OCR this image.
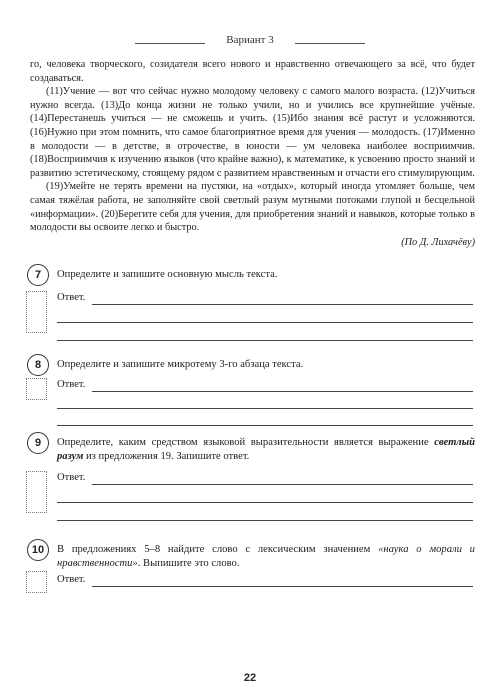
Вариант 3

го, человека творческого, созидателя всего нового и нравственно отвечающего за всё, что будет создаваться.

(11)Учение — вот что сейчас нужно молодому человеку с самого малого возраста. (12)Учиться нужно всегда. (13)До конца жизни не только учили, но и учились все крупнейшие учёные. (14)Перестанешь учиться — не сможешь и учить. (15)Ибо знания всё растут и усложняются. (16)Нужно при этом помнить, что самое благоприятное время для учения — молодость. (17)Именно в молодости — в детстве, в отрочестве, в юности — ум человека наиболее восприимчив. (18)Восприимчив к изучению языков (что крайне важно), к математике, к усвоению просто знаний и развитию эстетическому, стоящему рядом с развитием нравственным и отчасти его стимулирующим.

(19)Умейте не терять времени на пустяки, на «отдых», который иногда утомляет больше, чем самая тяжёлая работа, не заполняйте свой светлый разум мутными потоками глупой и бесцельной «информации». (20)Берегите себя для учения, для приобретения знаний и навыков, которые только в молодости вы освоите легко и быстро.

(По Д. Лихачёву)
7	Определите и запишите основную мысль текста.
Ответ.
8	Определите и запишите микротему 3-го абзаца текста.
Ответ.
9	Определите, каким средством языковой выразительности является выражение светлый разум из предложения 19. Запишите ответ.
Ответ.
10	В предложениях 5–8 найдите слово с лексическим значением «наука о морали и нравственности». Выпишите это слово.
Ответ.
22
